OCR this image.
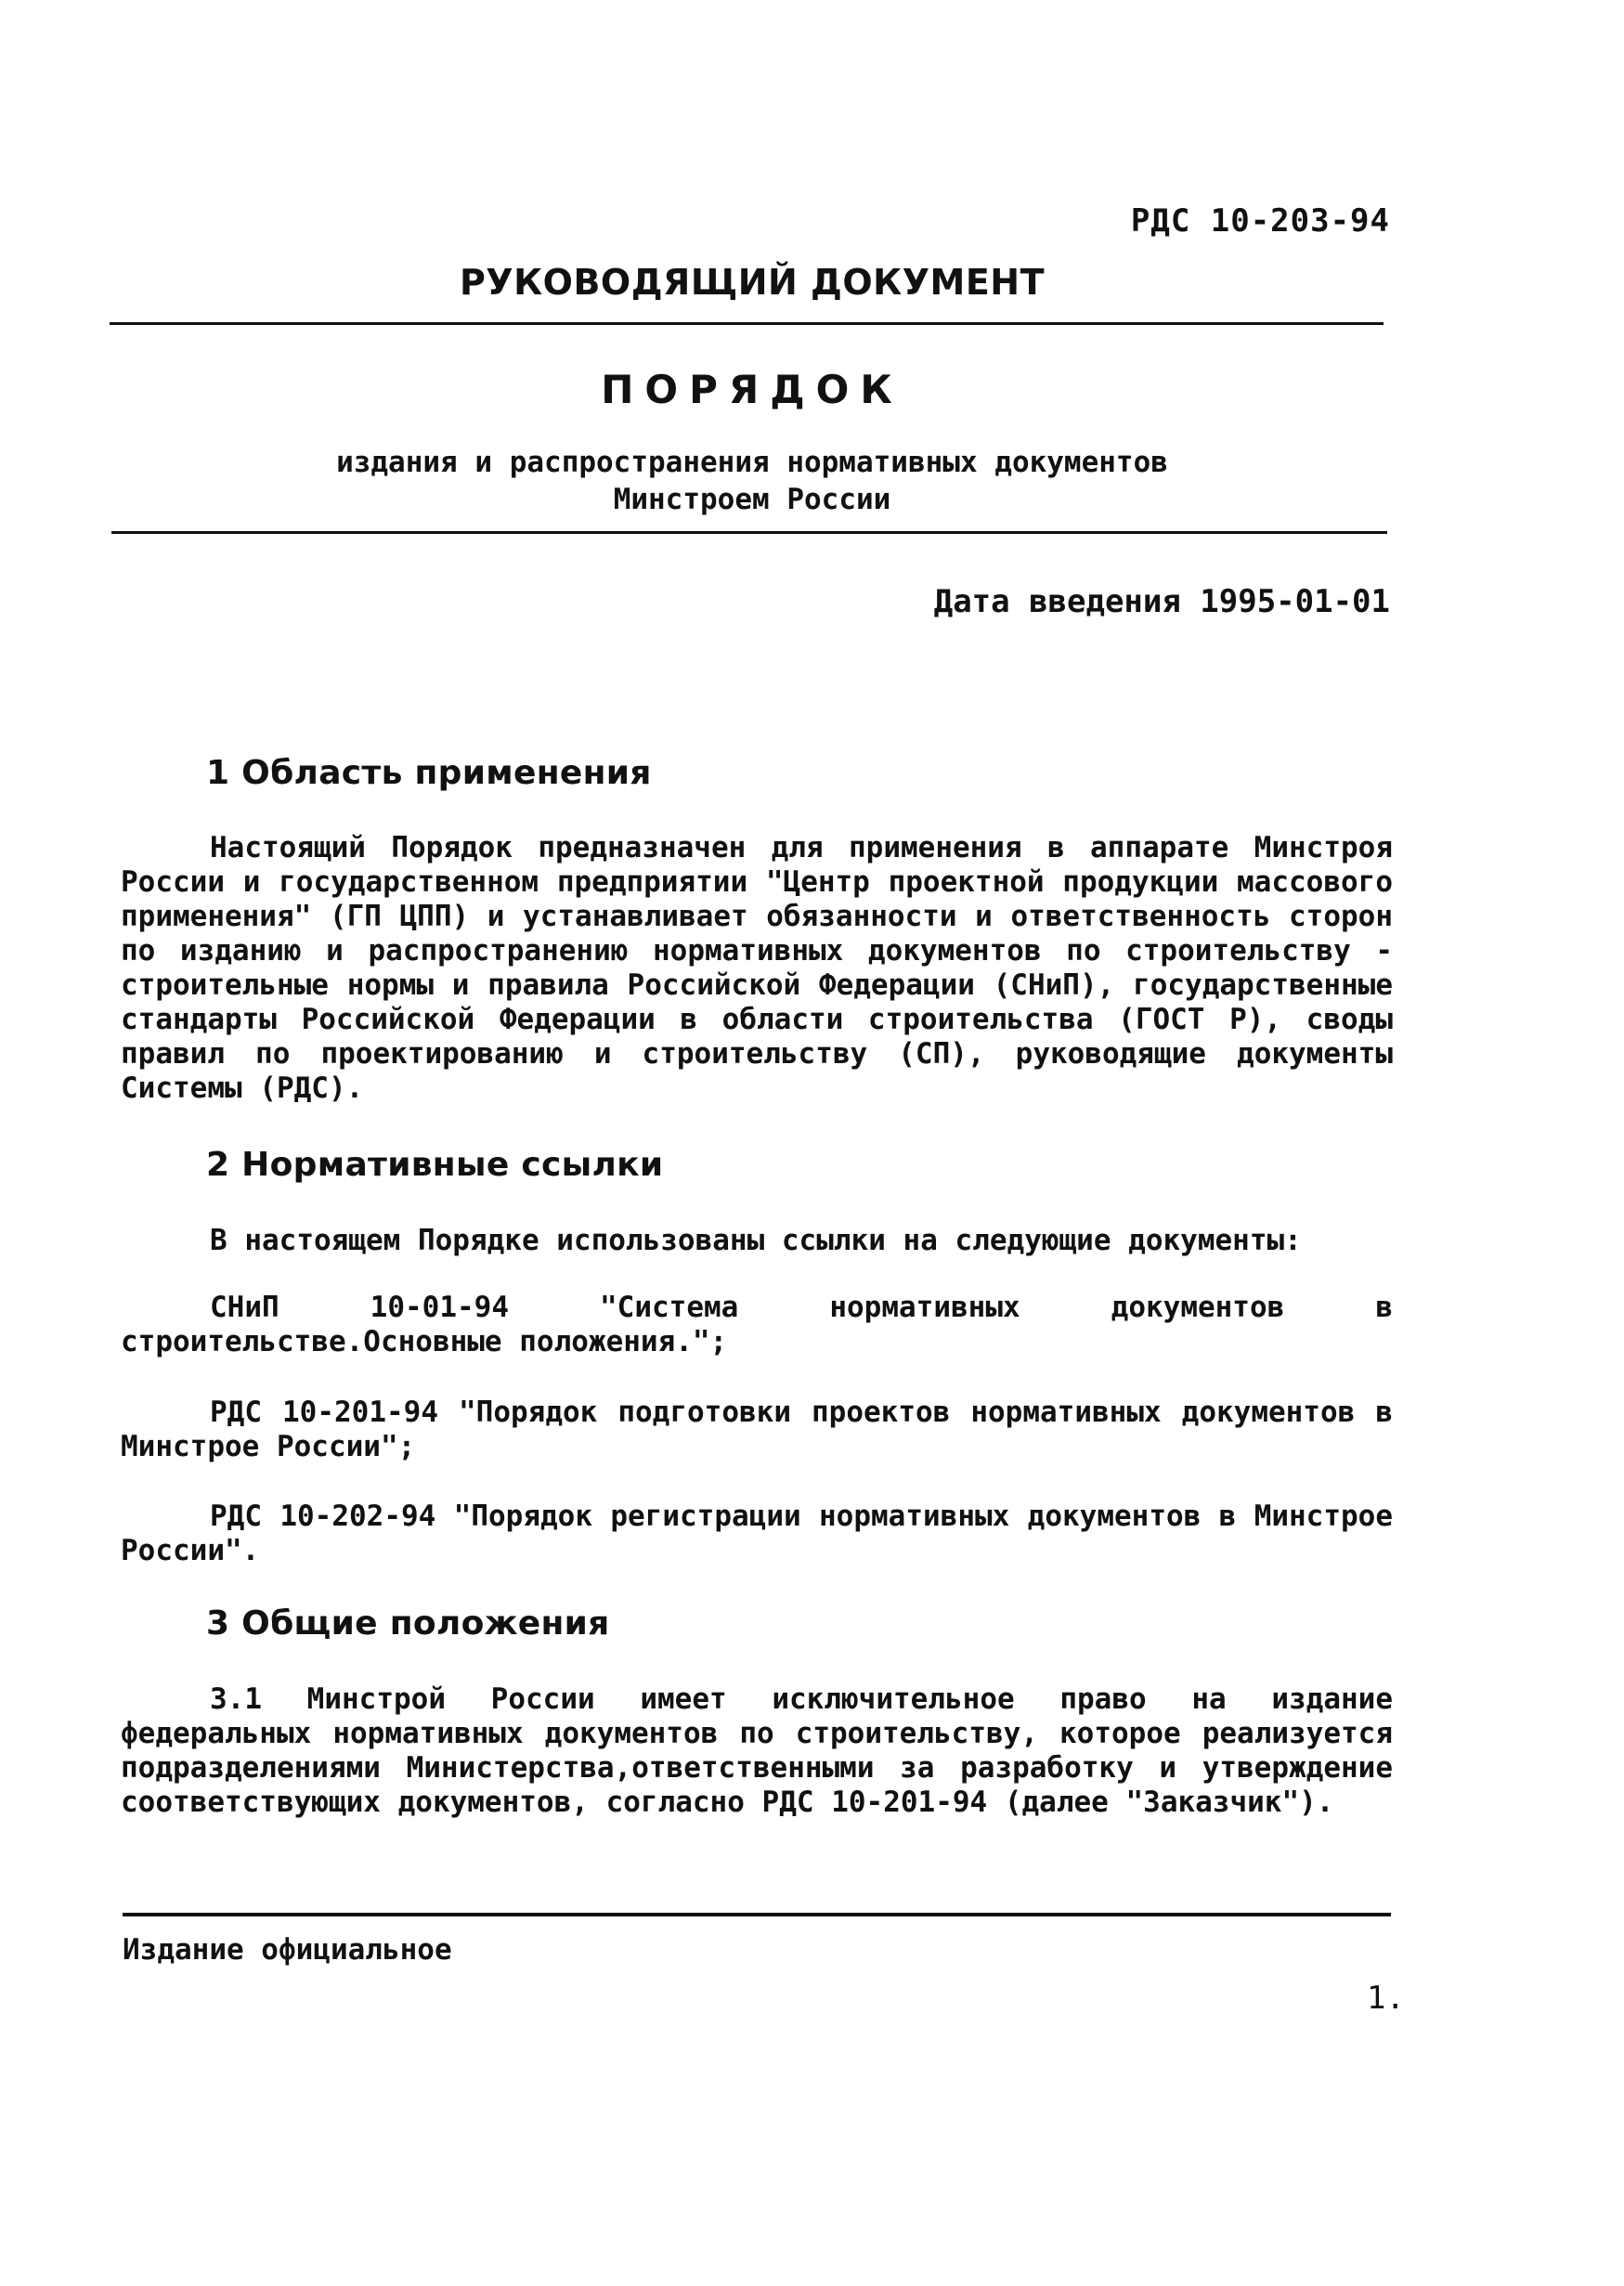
РДС 10-203-94
РУКОВОДЯЩИЙ ДОКУМЕНТ
ПОРЯДОК
издания и распространения нормативных документов
Минстроем России
Дата введения 1995-01-01
1 Область применения

Настоящий Порядок предназначен для применения в аппарате Минстроя России и государственном предприятии "Центр проектной продукции массового применения" (ГП ЦПП) и устанавливает обязанности и ответственность сторон по изданию и распространению нормативных документов по строительству - строительные нормы и правила Российской Федерации (СНиП), государственные стандарты Российской Федерации в области строительства (ГОСТ Р), своды правил по проектированию и строительству (СП), руководящие документы Системы (РДС).

2 Нормативные ссылки

В настоящем Порядке использованы ссылки на следующие документы:

СНиП 10-01-94 "Система нормативных документов в строительстве.Основные положения.";

РДС 10-201-94 "Порядок подготовки проектов нормативных документов в Минстрое России";

РДС 10-202-94 "Порядок регистрации нормативных документов в Минстрое России".

3 Общие положения

3.1 Минстрой России имеет исключительное право на издание федеральных нормативных документов по строительству, которое реализуется подразделениями Министерства,ответственными за разработку и утверждение соответствующих документов, согласно РДС 10-201-94 (далее "Заказчик").

Издание официальное
1.
